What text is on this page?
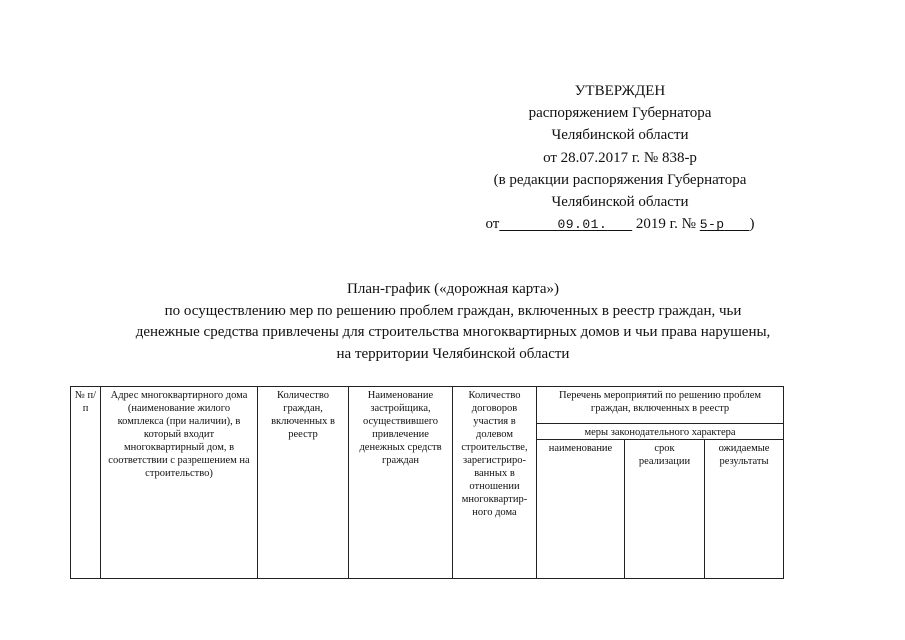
УТВЕРЖДЕН
распоряжением Губернатора
Челябинской области
от 28.07.2017 г. № 838-р
(в редакции распоряжения Губернатора
Челябинской области
от	09.01. 2019 г. № 5-р )
План-график («дорожная карта»)
по осуществлению мер по решению проблем граждан, включенных в реестр граждан, чьи
денежные средства привлечены для строительства многоквартирных домов и чьи права нарушены,
на территории Челябинской области
№ п/п	Адрес многоквартирного дома (наименование жилого комплекса (при наличии), в который входит многоквартирный дом, в соответствии с разрешением на строительство)	Количество граждан, включенных в реестр	Наименование застройщика, осуществившего привлечение денежных средств граждан	Количество договоров участия в долевом строительстве, зарегистриро-ванных в отношении многоквартир-ного дома	Перечень мероприятий по решению проблем граждан, включенных в реестр		
					меры законодательного характера		
					наименование	срок реализации	ожидаемые результаты
